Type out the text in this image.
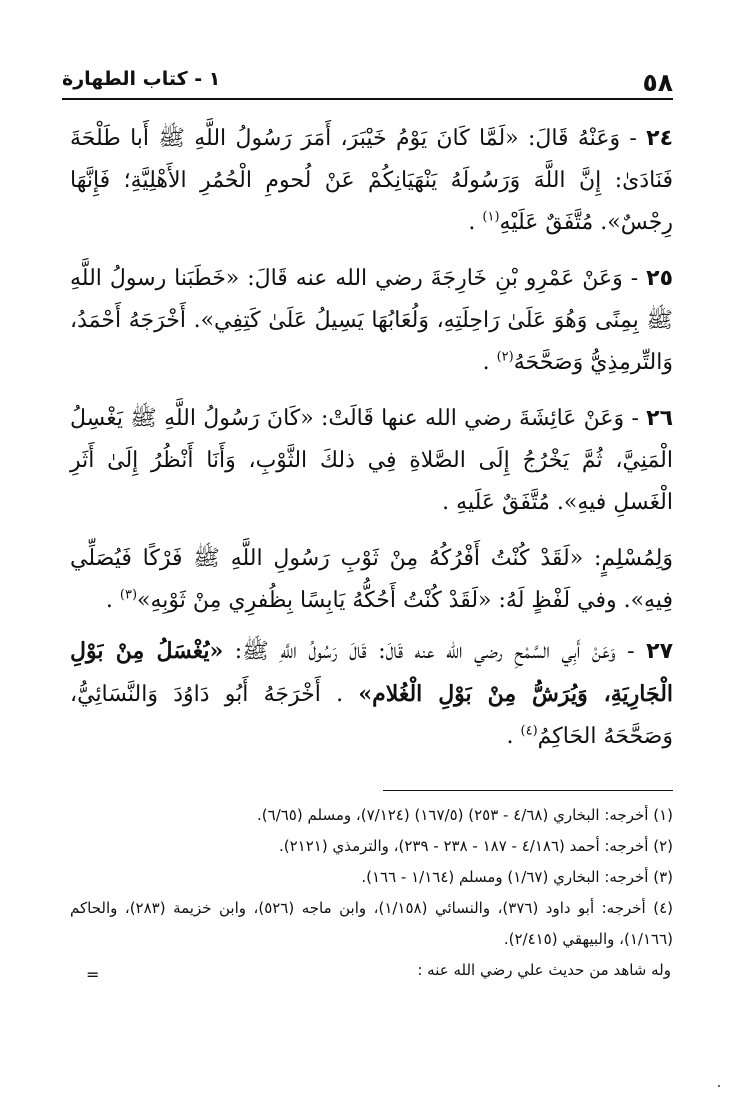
٥٨
١ - كتاب الطهارة

٢٤ - وَعَنْهُ قَالَ: «لَمَّا كَانَ يَوْمُ خَيْبَرَ، أَمَرَ رَسُولُ اللَّهِ ﷺ أَبا طَلْحَةَ فَنَادَىٰ: إِنَّ اللَّهَ وَرَسُولَهُ يَنْهَيَانِكُمْ عَنْ لُحومِ الْحُمُرِ الأَهْلِيَّةِ؛ فَإِنَّهَا رِجْسٌ». مُتَّفَقٌ عَلَيْهِ$^{(١)}$ .

٢٥ - وَعَنْ عَمْرِو بْنِ خَارِجَةَ رضي الله عنه قَالَ: «خَطَبَنا رسولُ اللَّهِ ﷺ بِمِنًى وَهُوَ عَلَىٰ رَاحِلَتِهِ، وَلُعَابُهَا يَسِيلُ عَلَىٰ كَتِفِي». أَخْرَجَهُ أَحْمَدُ، وَالتِّرمِذِيُّ وَصَحَّحَهُ$^{(٢)}$ .

٢٦ - وَعَنْ عَائِشَةَ رضي الله عنها قَالَتْ: «كَانَ رَسُولُ اللَّهِ ﷺ يَغْسِلُ الْمَنِيَّ، ثُمَّ يَخْرُجُ إِلَى الصَّلاةِ فِي ذلكَ الثَّوْبِ، وَأَنَا أَنْظُرُ إِلَىٰ أَثَرِ الْغَسلِ فيهِ». مُتَّفَقٌ عَلَيهِ .

وَلِمُسْلِمٍ: «لَقَدْ كُنْتُ أَفْرُكُهُ مِنْ ثَوْبِ رَسُولِ اللَّهِ ﷺ فَرْكًا فَيُصَلِّي فِيهِ». وفي لَفْظٍ لَهُ: «لَقَدْ كُنْتُ أَحُكُّهُ يَابِسًا بِظُفرِي مِنْ ثَوْبِهِ»$^{(٣)}$ .

٢٧ - وَعَنْ أَبِي السَّمْحِ رضي الله عنه قَالَ: قَالَ رَسُولُ اللَّهِ ﷺ: «يُغْسَلُ مِنْ بَوْلِ الْجَارِيَةِ، وَيُرَشُّ مِنْ بَوْلِ الْغُلام» . أَخْرَجَهُ أَبُو دَاوُدَ وَالنَّسَائِيُّ، وَصَحَّحَهُ الحَاكِمُ$^{(٤)}$ .

(١) أخرجه: البخاري (٤/٦٨ - ٢٥٣) (١٦٧/٥) (٧/١٢٤)، ومسلم (٦/٦٥).

(٢) أخرجه: أحمد (٤/١٨٦ - ١٨٧ - ٢٣٨ - ٢٣٩)، والترمذي (٢١٢١).

(٣) أخرجه: البخاري (١/٦٧) ومسلم (١/١٦٤ - ١٦٦).

(٤) أخرجه: أبو داود (٣٧٦)، والنسائي (١/١٥٨)، وابن ماجه (٥٢٦)، وابن خزيمة (٢٨٣)، والحاكم (١/١٦٦)، والبيهقي (٢/٤١٥).

وله شاهد من حديث علي رضي الله عنه :

=
